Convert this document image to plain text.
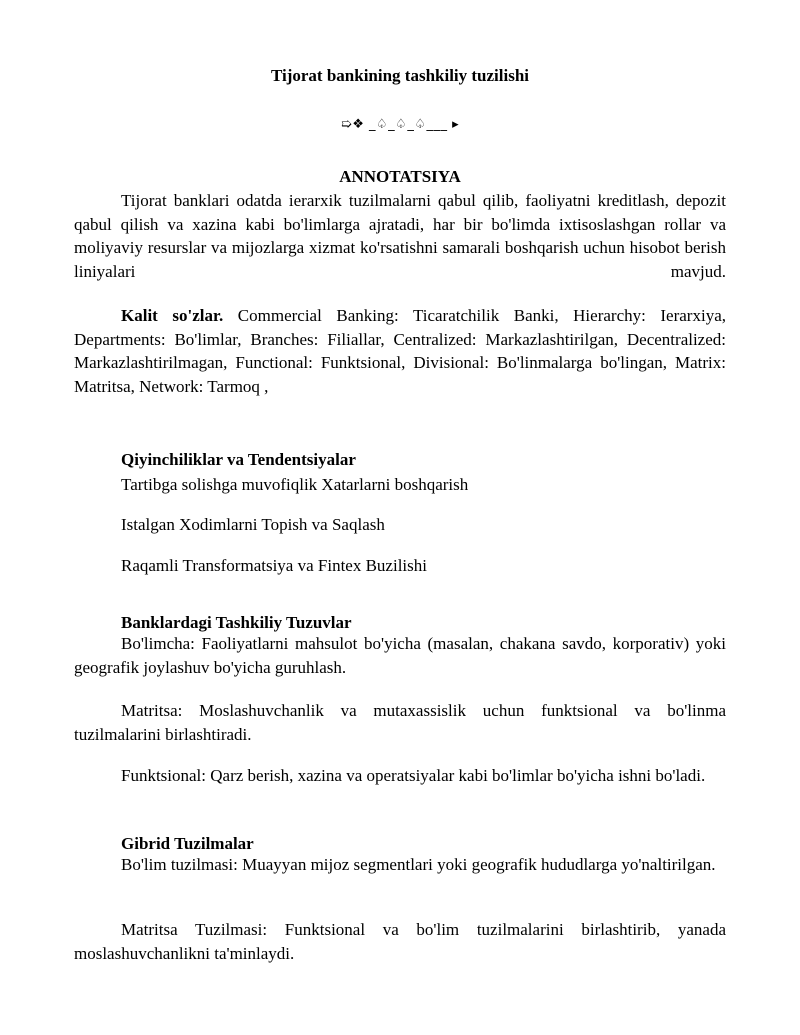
Tijorat bankining tashkiliy tuzilishi
➯❖ _♤_♤_♤___ ▸
ANNOTATSIYA
Tijorat banklari odatda ierarxik tuzilmalarni qabul qilib, faoliyatni kreditlash, depozit qabul qilish va xazina kabi bo'limlarga ajratadi, har bir bo'limda ixtisoslashgan rollar va moliyaviy resurslar va mijozlarga xizmat ko'rsatishni samarali boshqarish uchun hisobot berish liniyalari mavjud.
Kalit so'zlar. Commercial Banking: Ticaratchilik Banki, Hierarchy: Ierarxiya, Departments: Bo'limlar, Branches: Filiallar, Centralized: Markazlashtirilgan, Decentralized: Markazlashtirilmagan, Functional: Funktsional, Divisional: Bo'linmalarga bo'lingan, Matrix: Matritsa, Network: Tarmoq ,
Qiyinchiliklar va Tendentsiyalar
Tartibga solishga muvofiqlik Xatarlarni boshqarish
Istalgan Xodimlarni Topish va Saqlash
Raqamli Transformatsiya va Fintex Buzilishi
Banklardagi Tashkiliy Tuzuvlar
Bo'limcha: Faoliyatlarni mahsulot bo'yicha (masalan, chakana savdo, korporativ) yoki geografik joylashuv bo'yicha guruhlash.
Matritsa: Moslashuvchanlik va mutaxassislik uchun funktsional va bo'linma tuzilmalarini birlashtiradi.
Funktsional: Qarz berish, xazina va operatsiyalar kabi bo'limlar bo'yicha ishni bo'ladi.
Gibrid Tuzilmalar
Bo'lim tuzilmasi: Muayyan mijoz segmentlari yoki geografik hududlarga yo'naltirilgan.
Matritsa Tuzilmasi: Funktsional va bo'lim tuzilmalarini birlashtirib, yanada moslashuvchanlikni ta'minlaydi.
